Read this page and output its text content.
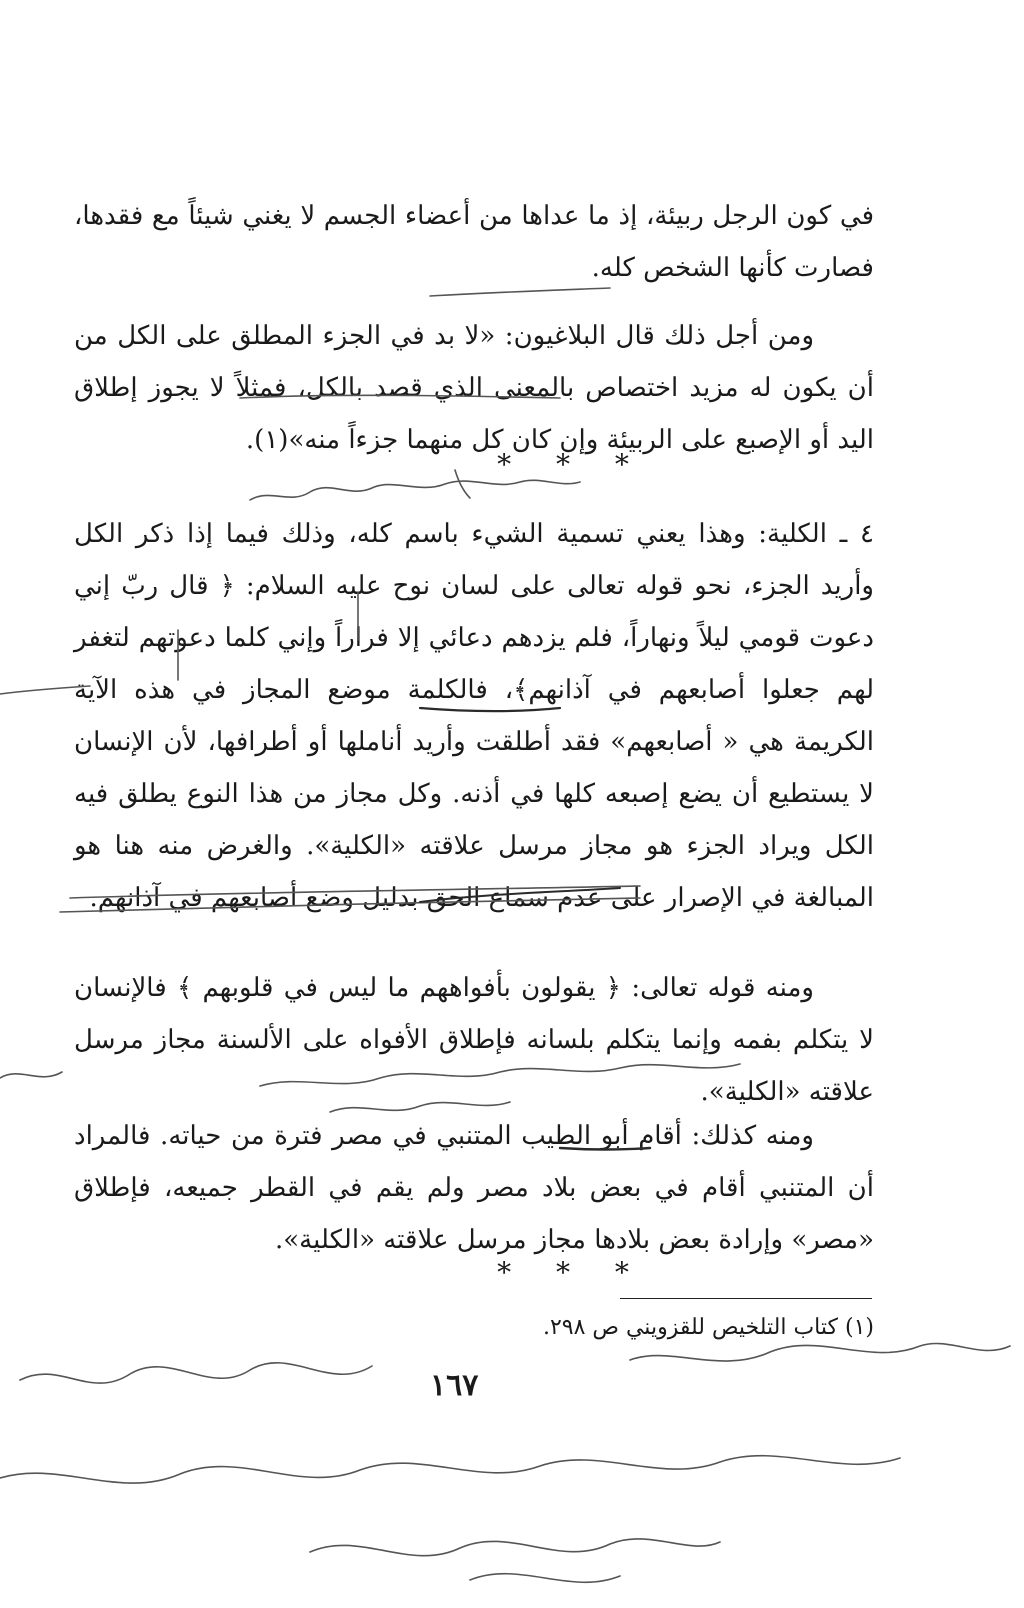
في كون الرجل ربيئة، إذ ما عداها من أعضاء الجسم لا يغني شيئاً مع فقدها، فصارت كأنها الشخص كله.

ومن أجل ذلك قال البلاغيون: «لا بد في الجزء المطلق على الكل من أن يكون له مزيد اختصاص بالمعنى الذي قصد بالكل، فمثلاً لا يجوز إطلاق اليد أو الإصبع على الربيئة وإن كان كل منهما جزءاً منه»(١).

* * *

٤ ـ الكلية: وهذا يعني تسمية الشيء باسم كله، وذلك فيما إذا ذكر الكل وأريد الجزء، نحو قوله تعالى على لسان نوح عليه السلام: ﴿ قال ربّ إني دعوت قومي ليلاً ونهاراً، فلم يزدهم دعائي إلا فراراً وإني كلما دعوتهم لتغفر لهم جعلوا أصابعهم في آذانهم﴾، فالكلمة موضع المجاز في هذه الآية الكريمة هي « أصابعهم» فقد أطلقت وأريد أناملها أو أطرافها، لأن الإنسان لا يستطيع أن يضع إصبعه كلها في أذنه. وكل مجاز من هذا النوع يطلق فيه الكل ويراد الجزء هو مجاز مرسل علاقته «الكلية». والغرض منه هنا هو المبالغة في الإصرار على عدم سماع الحق بدليل وضع أصابعهم في آذانهم.

ومنه قوله تعالى: ﴿ يقولون بأفواههم ما ليس في قلوبهم ﴾ فالإنسان لا يتكلم بفمه وإنما يتكلم بلسانه فإطلاق الأفواه على الألسنة مجاز مرسل علاقته «الكلية».

ومنه كذلك: أقام أبو الطيب المتنبي في مصر فترة من حياته. فالمراد أن المتنبي أقام في بعض بلاد مصر ولم يقم في القطر جميعه، فإطلاق «مصر» وإرادة بعض بلادها مجاز مرسل علاقته «الكلية».

* * *
(١) كتاب التلخيص للقزويني ص ٢٩٨.
١٦٧
